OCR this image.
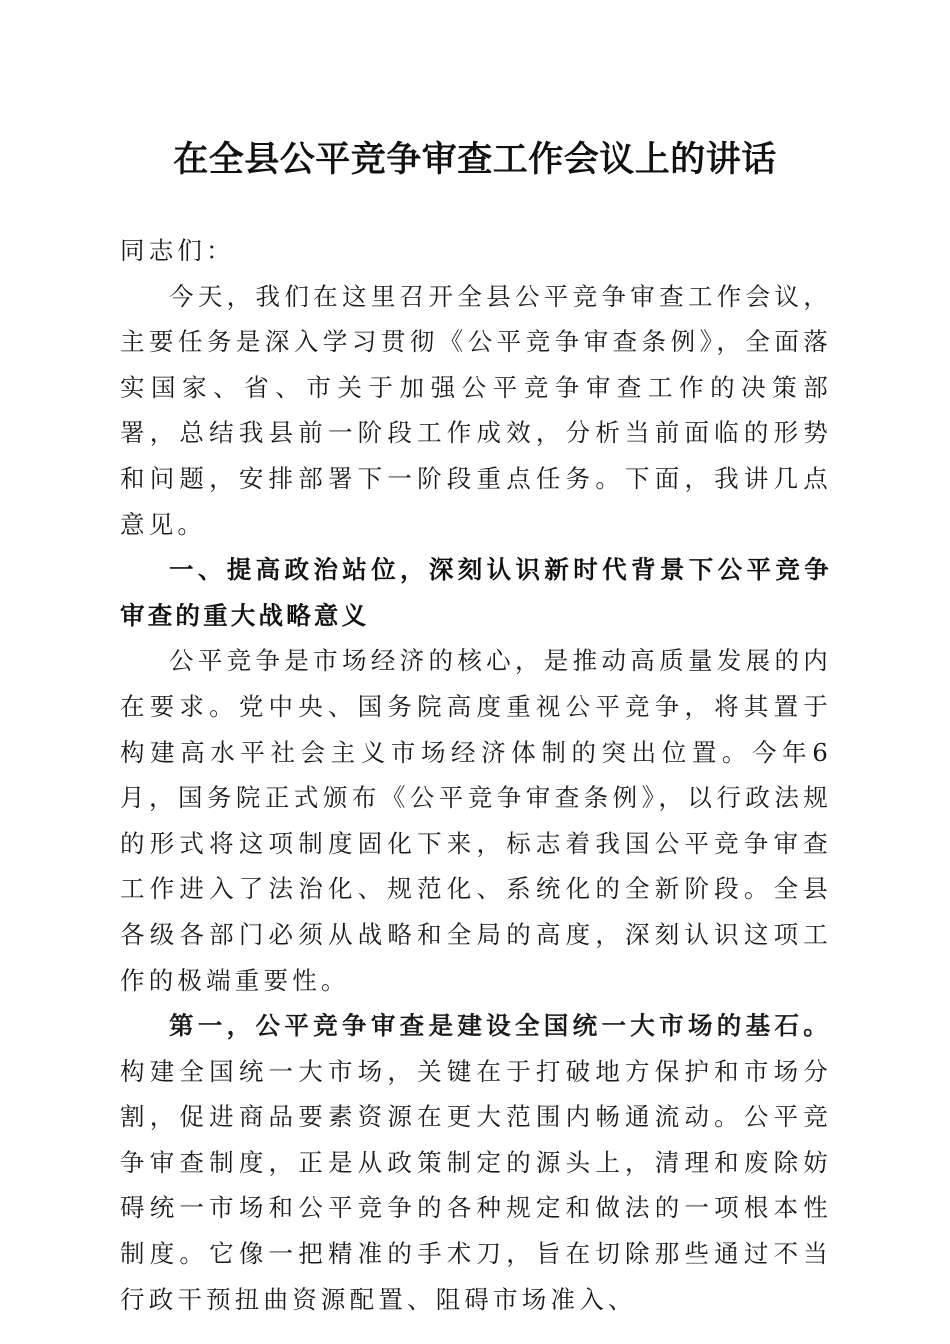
在全县公平竞争审查工作会议上的讲话

同志们：

今天，我们在这里召开全县公平竞争审查工作会议，主要任务是深入学习贯彻《公平竞争审查条例》，全面落实国家、省、市关于加强公平竞争审查工作的决策部署，总结我县前一阶段工作成效，分析当前面临的形势和问题，安排部署下一阶段重点任务。下面，我讲几点意见。

一、提高政治站位，深刻认识新时代背景下公平竞争审查的重大战略意义

公平竞争是市场经济的核心，是推动高质量发展的内在要求。党中央、国务院高度重视公平竞争，将其置于构建高水平社会主义市场经济体制的突出位置。今年6月，国务院正式颁布《公平竞争审查条例》，以行政法规的形式将这项制度固化下来，标志着我国公平竞争审查工作进入了法治化、规范化、系统化的全新阶段。全县各级各部门必须从战略和全局的高度，深刻认识这项工作的极端重要性。

第一，公平竞争审查是建设全国统一大市场的基石。构建全国统一大市场，关键在于打破地方保护和市场分割，促进商品要素资源在更大范围内畅通流动。公平竞争审查制度，正是从政策制定的源头上，清理和废除妨碍统一市场和公平竞争的各种规定和做法的一项根本性制度。它像一把精准的手术刀，旨在切除那些通过不当行政干预扭曲资源配置、阻碍市场准入、
